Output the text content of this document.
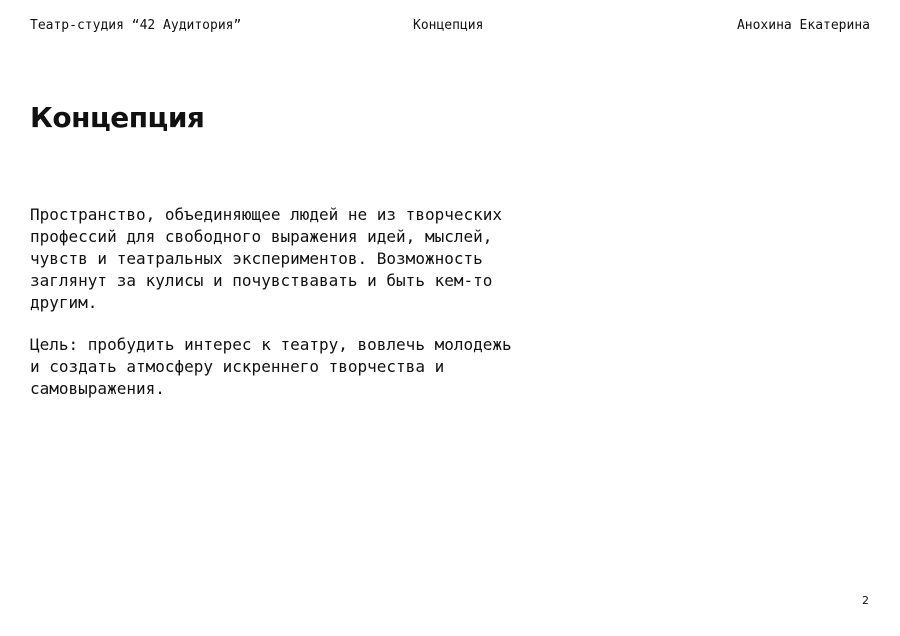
Театр-студия “42 Аудитория”	Концепция	Анохина Екатерина
Концепция

Пространство, объединяющее людей не из творческих
профессий для свободного выражения идей, мыслей,
чувств и театральных экспериментов. Возможность
заглянут за кулисы и почувствавать и быть кем-то
другим.

Цель: пробудить интерес к театру, вовлечь молодежь
и создать атмосферу искреннего творчества и
самовыражения.

2
